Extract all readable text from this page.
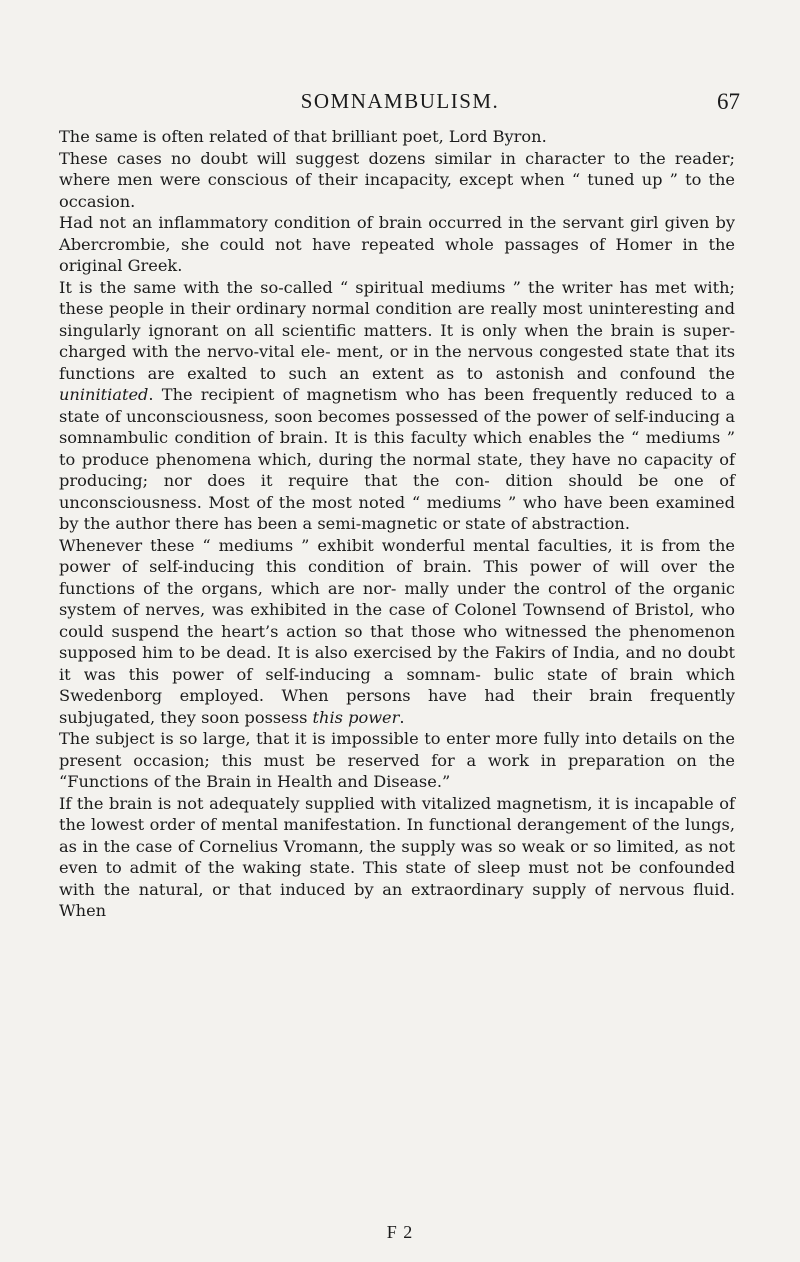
SOMNAMBULISM.	67

The same is often related of that brilliant poet, Lord Byron.

These cases no doubt will suggest dozens similar in character to the reader; where men were conscious of their incapacity, except when “ tuned up ” to the occasion.

Had not an inflammatory condition of brain occurred in the servant girl given by Abercrombie, she could not have repeated whole passages of Homer in the original Greek.

It is the same with the so-called “ spiritual mediums ” the writer has met with; these people in their ordinary normal condition are really most uninteresting and singularly ignorant on all scientific matters. It is only when the brain is super-charged with the nervo-vital ele- ment, or in the nervous congested state that its functions are exalted to such an extent as to astonish and confound the uninitiated. The recipient of magnetism who has been frequently reduced to a state of unconsciousness, soon becomes possessed of the power of self-inducing a somnambulic condition of brain. It is this faculty which enables the “ mediums ” to produce phenomena which, during the normal state, they have no capacity of producing; nor does it require that the con- dition should be one of unconsciousness. Most of the most noted “ mediums ” who have been examined by the author there has been a semi-magnetic or state of abstraction.

Whenever these “ mediums ” exhibit wonderful mental faculties, it is from the power of self-inducing this condition of brain. This power of will over the functions of the organs, which are nor- mally under the control of the organic system of nerves, was exhibited in the case of Colonel Townsend of Bristol, who could suspend the heart’s action so that those who witnessed the phenomenon supposed him to be dead. It is also exercised by the Fakirs of India, and no doubt it was this power of self-inducing a somnam- bulic state of brain which Swedenborg employed. When persons have had their brain frequently subjugated, they soon possess this power.

The subject is so large, that it is impossible to enter more fully into details on the present occasion; this must be reserved for a work in preparation on the “Functions of the Brain in Health and Disease.”

If the brain is not adequately supplied with vitalized magnetism, it is incapable of the lowest order of mental manifestation. In functional derangement of the lungs, as in the case of Cornelius Vromann, the supply was so weak or so limited, as not even to admit of the waking state. This state of sleep must not be confounded with the natural, or that induced by an extraordinary supply of nervous fluid. When

F 2
